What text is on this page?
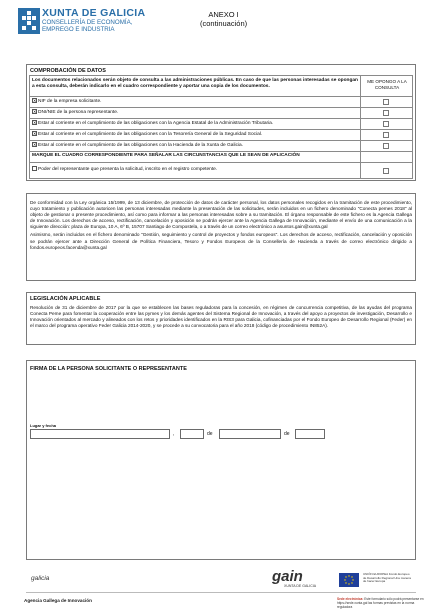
XUNTA DE GALICIA
CONSELLERÍA DE ECONOMÍA,
EMPREGO E INDUSTRIA
ANEXO I
(continuación)
COMPROBACIÓN DE DATOS
Los documentos relacionados serán objeto de consulta a las administraciones públicas. En caso de que las personas interesadas se opongan a esta consulta, deberán indicarlo en el cuadro correspondiente y aportar una copia de los documentos.
ME OPONGO A LA CONSULTA
✕ NIF de la empresa solicitante.
✕ DNI/NIE de la persona representante.
✕ Estar al corriente en el cumplimiento de las obligaciones con la Agencia Estatal de la Administración Tributaria.
✕ Estar al corriente en el cumplimiento de las obligaciones con la Tesorería General de la Seguridad Social.
✕ Estar al corriente en el cumplimiento de las obligaciones con la Hacienda de la Xunta de Galicia.
MARQUE EL CUADRO CORRESPONDIENTE PARA SEÑALAR LAS CIRCUNSTANCIAS QUE LE SEAN DE APLICACIÓN
Poder del representante que presenta la solicitud, inscrito en el registro competente.

De conformidad con la Ley orgánica 15/1999, de 13 diciembre, de protección de datos de carácter personal, los datos personales recogidos en la tramitación de este procedimiento, cuyo tratamiento y publicación autoricen las personas interesadas mediante la presentación de las solicitudes, serán incluidos en un fichero denominado "Conecta pemes 2018" al objeto de gestionar o presente procedimiento, así como para informar a las personas interesadas sobre a su tramitación. El órgano responsable de este fichero es la Agencia Gallega de Innovación. Los derechos de acceso, rectificación, cancelación y oposición se podrán ejercer ante la Agencia Gallega de Innovación, mediante el envío de una comunicación a la siguiente dirección: plaza de Europa, 10 A, 6º B, 15707 Santiago de Compostela, o a través de un correo electrónico a asuntos.gain@xunta.gal

Asimismo, serán incluidos en el fichero denominado "Gestión, seguimiento y control de proyectos y fondos europeos". Los derechos de acceso, rectificación, cancelación y oposición se podrán ejercer ante a Dirección General de Política Financiera, Tesoro y Fondos Europeos de la Consellería de Hacienda a través de correo electrónico dirigido a fondos.europeos.facenda@xunta.gal

LEGISLACIÓN APLICABLE

Resolución de 31 de diciembre de 2017 por la que se establecen las bases reguladoras para la concesión, en régimen de concurrencia competitiva, de las ayudas del programa Conecta Peme para fomentar la cooperación entre las pymes y los demás agentes del Sistema Regional de Innovación, a través del apoyo a proyectos de investigación, Desarrollo e Innovación orientados al mercado y alineados con los retos y prioridades identificados en la RIS3 para Galicia, cofinanciadas por el Fondo Europeo de Desarrollo Regional (Feder) en el marco del programa operativo Feder Galicia 2014-2020, y se procede a su convocatoria para el año 2018 (código de procedimiento IN852A).

FIRMA DE LA PERSONA SOLICITANTE O REPRESENTANTE
Lugar y fecha
,	de	de
galicia
Agencia Gallega de Innovación
gain
XUNTA DE GALICIA
UNIÓN EUROPEA Fondo Europeo de Desarrollo Regional Una manera de hacer Europa
Sede electrónica: Este formulario sólo podrá presentarse en https://sede.xunta.gal las formas previstas en la norma reguladora
